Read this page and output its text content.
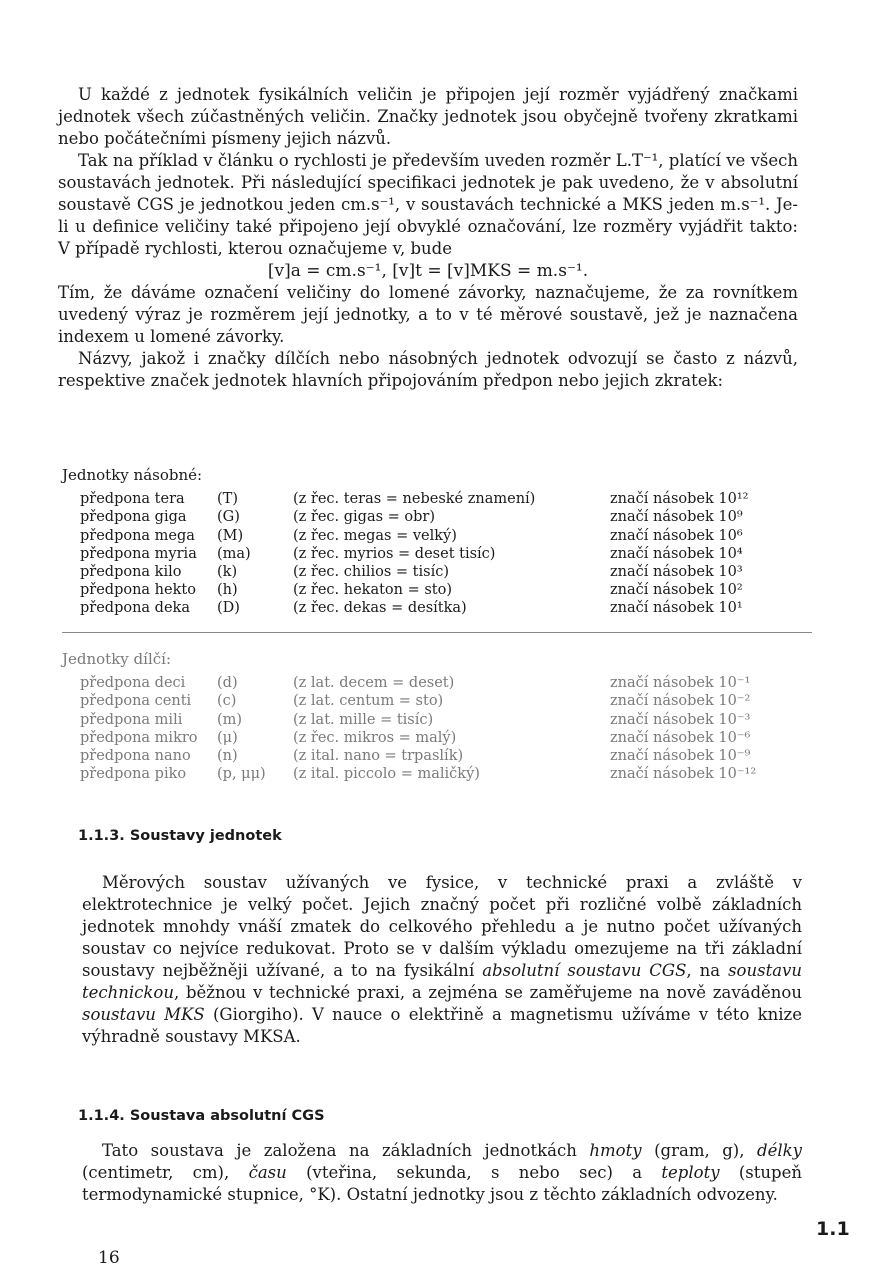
U každé z jednotek fysikálních veličin je připojen její rozměr vyjádřený značkami jednotek všech zúčastněných veličin. Značky jednotek jsou obyčejně tvořeny zkratkami nebo počátečními písmeny jejich názvů.

Tak na příklad v článku o rychlosti je především uveden rozměr L.T⁻¹, platící ve všech soustavách jednotek. Při následující specifikaci jednotek je pak uvedeno, že v absolutní soustavě CGS je jednotkou jeden cm.s⁻¹, v soustavách technické a MKS jeden m.s⁻¹. Je-li u definice veličiny také připojeno její obvyklé označování, lze rozměry vyjádřit takto: V případě rychlosti, kterou označujeme v, bude

[v]a = cm.s⁻¹, [v]t = [v]MKS = m.s⁻¹.

Tím, že dáváme označení veličiny do lomené závorky, naznačujeme, že za rovnítkem uvedený výraz je rozměrem její jednotky, a to v té měrové soustavě, jež je naznačena indexem u lomené závorky.

Názvy, jakož i značky dílčích nebo násobných jednotek odvozují se často z názvů, respektive značek jednotek hlavních připojováním předpon nebo jejich zkratek:

Jednotky násobné:
předpona tera	(T)	(z řec. teras = nebeské znamení)	značí násobek 10¹²
předpona giga	(G)	(z řec. gigas = obr)	značí násobek 10⁹
předpona mega	(M)	(z řec. megas = velký)	značí násobek 10⁶
předpona myria	(ma)	(z řec. myrios = deset tisíc)	značí násobek 10⁴
předpona kilo	(k)	(z řec. chilios = tisíc)	značí násobek 10³
předpona hekto	(h)	(z řec. hekaton = sto)	značí násobek 10²
předpona deka	(D)	(z řec. dekas = desítka)	značí násobek 10¹
Jednotky dílčí:
předpona deci	(d)	(z lat. decem = deset)	značí násobek 10⁻¹
předpona centi	(c)	(z lat. centum = sto)	značí násobek 10⁻²
předpona mili	(m)	(z lat. mille = tisíc)	značí násobek 10⁻³
předpona mikro	(μ)	(z řec. mikros = malý)	značí násobek 10⁻⁶
předpona nano	(n)	(z ital. nano = trpaslík)	značí násobek 10⁻⁹
předpona piko	(p, μμ)	(z ital. piccolo = maličký)	značí násobek 10⁻¹²
1.1.3. Soustavy jednotek

Měrových soustav užívaných ve fysice, v technické praxi a zvláště v elektrotechnice je velký počet. Jejich značný počet při rozličné volbě základních jednotek mnohdy vnáší zmatek do celkového přehledu a je nutno počet užívaných soustav co nejvíce redukovat. Proto se v dalším výkladu omezujeme na tři základní soustavy nejběžněji užívané, a to na fysikální absolutní soustavu CGS, na soustavu technickou, běžnou v technické praxi, a zejména se zaměřujeme na nově zaváděnou soustavu MKS (Giorgiho). V nauce o elektřině a magnetismu užíváme v této knize výhradně soustavy MKSA.

1.1.4. Soustava absolutní CGS

Tato soustava je založena na základních jednotkách hmoty (gram, g), délky (centimetr, cm), času (vteřina, sekunda, s nebo sec) a teploty (stupeň termodynamické stupnice, °K). Ostatní jednotky jsou z těchto základních odvozeny.

1.1
16
